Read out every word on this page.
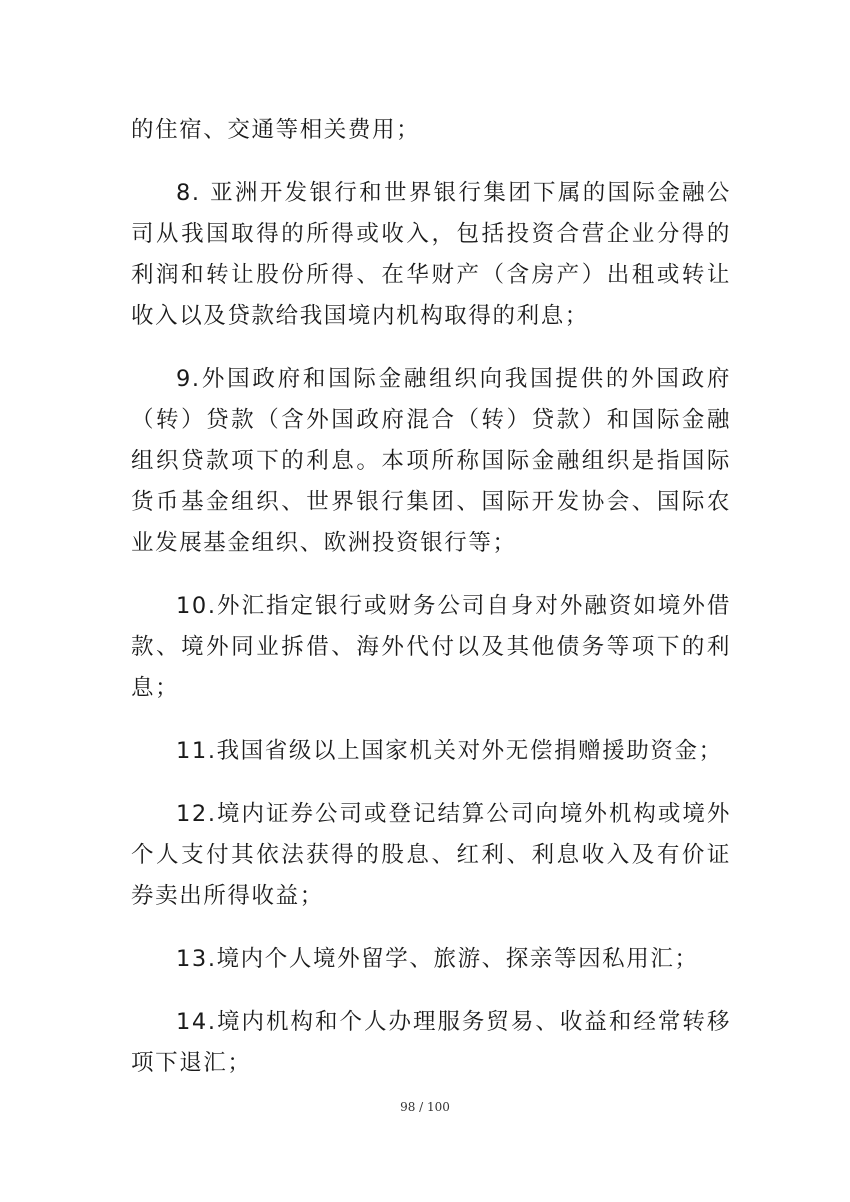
的住宿、交通等相关费用；

8. 亚洲开发银行和世界银行集团下属的国际金融公司从我国取得的所得或收入，包括投资合营企业分得的利润和转让股份所得、在华财产（含房产）出租或转让收入以及贷款给我国境内机构取得的利息；

9.外国政府和国际金融组织向我国提供的外国政府（转）贷款（含外国政府混合（转）贷款）和国际金融组织贷款项下的利息。本项所称国际金融组织是指国际货币基金组织、世界银行集团、国际开发协会、国际农业发展基金组织、欧洲投资银行等；

10.外汇指定银行或财务公司自身对外融资如境外借款、境外同业拆借、海外代付以及其他债务等项下的利息；

11.我国省级以上国家机关对外无偿捐赠援助资金；

12.境内证券公司或登记结算公司向境外机构或境外个人支付其依法获得的股息、红利、利息收入及有价证券卖出所得收益；

13.境内个人境外留学、旅游、探亲等因私用汇；

14.境内机构和个人办理服务贸易、收益和经常转移项下退汇；

98 / 100
